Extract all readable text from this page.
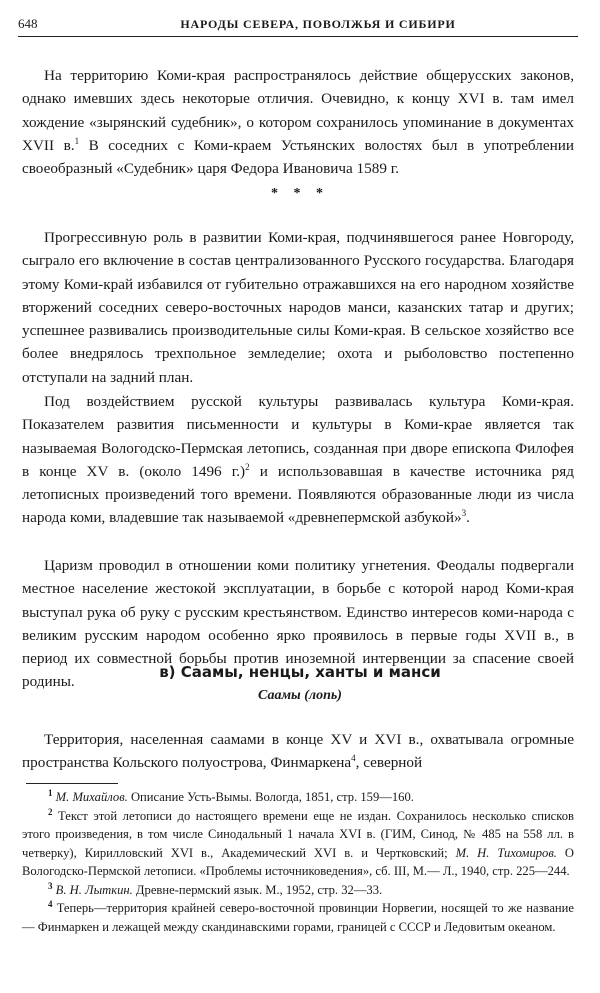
648	НАРОДЫ СЕВЕРА, ПОВОЛЖЬЯ И СИБИРИ

На территорию Коми-края распространялось действие общерусских законов, однако имевших здесь некоторые отличия. Очевидно, к концу XVI в. там имел хождение «зырянский судебник», о котором сохранилось упоминание в документах XVII в.$^1$ В соседних с Коми-краем Устьянских волостях был в употреблении своеобразный «Судебник» царя Федора Ивановича 1589 г.

* * *

Прогрессивную роль в развитии Коми-края, подчинявшегося ранее Новгороду, сыграло его включение в состав централизованного Русского государства. Благодаря этому Коми-край избавился от губительно отражавшихся на его народном хозяйстве вторжений соседних северо-восточных народов манси, казанских татар и других; успешнее развивались производительные силы Коми-края. В сельское хозяйство все более внедрялось трехпольное земледелие; охота и рыболовство постепенно отступали на задний план.

Под воздействием русской культуры развивалась культура Коми-края. Показателем развития письменности и культуры в Коми-крае является так называемая Вологодско-Пермская летопись, созданная при дворе епископа Филофея в конце XV в. (около 1496 г.)$^2$ и использовавшая в качестве источника ряд летописных произведений того времени. Появляются образованные люди из числа народа коми, владевшие так называемой «древнепермской азбукой»$^3$.

Царизм проводил в отношении коми политику угнетения. Феодалы подвергали местное население жестокой эксплуатации, в борьбе с которой народ Коми-края выступал рука об руку с русским крестьянством. Единство интересов коми-народа с великим русским народом особенно ярко проявилось в первые годы XVII в., в период их совместной борьбы против иноземной интервенции за спасение своей родины.

в) Саамы, ненцы, ханты и манси
Саамы (лопь)

Территория, населенная саамами в конце XV и XVI в., охватывала огромные пространства Кольского полуострова, Финмаркена$^4$, северной

$^1$ М. Михайлов. Описание Усть-Вымы. Вологда, 1851, стр. 159—160.

$^2$ Текст этой летописи до настоящего времени еще не издан. Сохранилось несколько списков этого произведения, в том числе Синодальный 1 начала XVI в. (ГИМ, Синод, № 485 на 558 лл. в четверку), Кирилловский XVI в., Академический XVI в. и Чертковский; М. Н. Тихомиров. О Вологодско-Пермской летописи. «Проблемы источниковедения», сб. III, М.— Л., 1940, стр. 225—244.

$^3$ В. Н. Лыткин. Древне-пермский язык. М., 1952, стр. 32—33.

$^4$ Теперь—территория крайней северо-восточной провинции Норвегии, носящей то же название — Финмаркен и лежащей между скандинавскими горами, границей с СССР и Ледовитым океаном.
